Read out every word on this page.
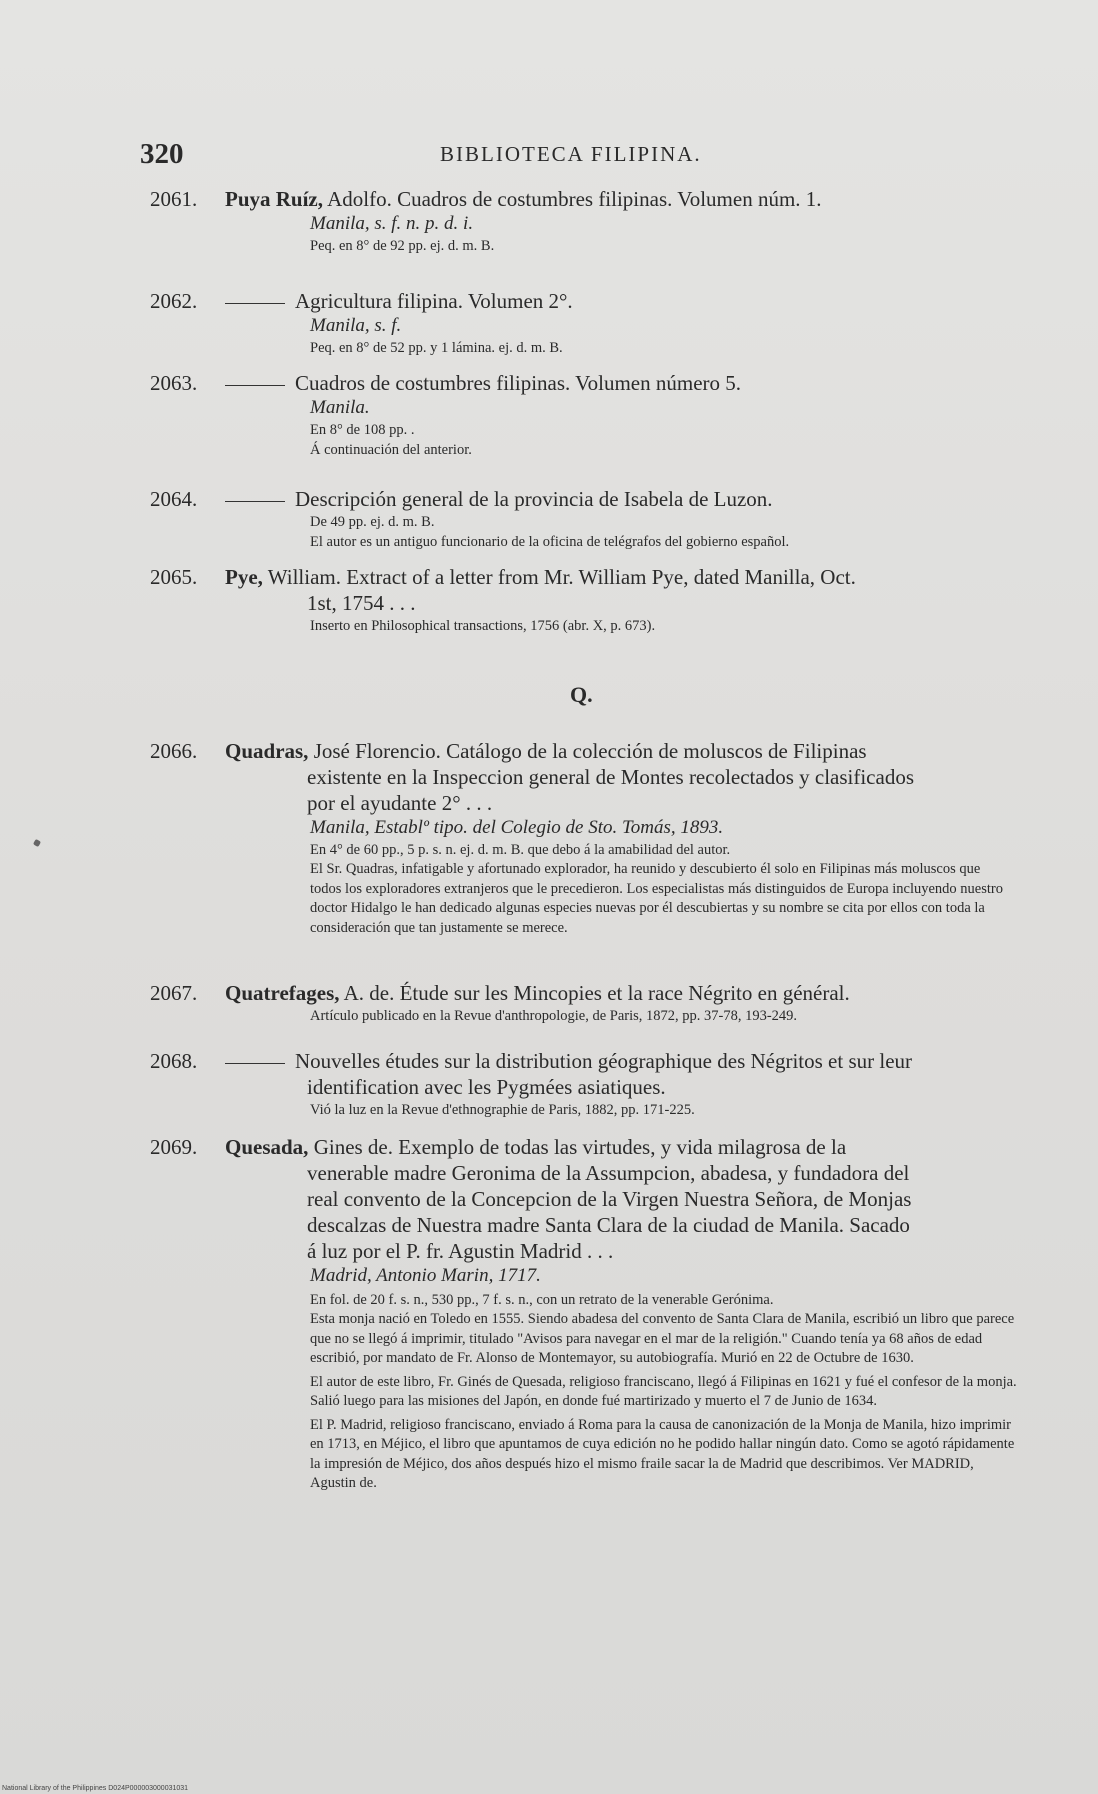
320	BIBLIOTECA FILIPINA.
2061. Puya Ruíz, Adolfo. Cuadros de costumbres filipinas. Volumen núm. 1.
Manila, s. f. n. p. d. i.
Peq. en 8° de 92 pp. ej. d. m. B.
2062.	Agricultura filipina. Volumen 2°.
Manila, s. f.
Peq. en 8° de 52 pp. y 1 lámina. ej. d. m. B.
2063.	Cuadros de costumbres filipinas. Volumen número 5.
Manila.
En 8° de 108 pp. .
Á continuación del anterior.
2064.	Descripción general de la provincia de Isabela de Luzon.
De 49 pp. ej. d. m. B.
El autor es un antiguo funcionario de la oficina de telégrafos del gobierno español.
2065. Pye, William. Extract of a letter from Mr. William Pye, dated Manilla, Oct.
1st, 1754 . . .
Inserto en Philosophical transactions, 1756 (abr. X, p. 673).
Q.
2066. Quadras, José Florencio. Catálogo de la colección de moluscos de Filipinas
existente en la Inspeccion general de Montes recolectados y clasificados
por el ayudante 2° . . .
Manila, Establº tipo. del Colegio de Sto. Tomás, 1893.
En 4° de 60 pp., 5 p. s. n. ej. d. m. B. que debo á la amabilidad del autor.

El Sr. Quadras, infatigable y afortunado explorador, ha reunido y descubierto él solo en Filipinas más moluscos que todos los exploradores extranjeros que le precedieron. Los especialistas más distinguidos de Europa incluyendo nuestro doctor Hidalgo le han dedicado algunas especies nuevas por él descubiertas y su nombre se cita por ellos con toda la consideración que tan justamente se merece.

2067. Quatrefages, A. de. Étude sur les Mincopies et la race Négrito en général.
Artículo publicado en la Revue d'anthropologie, de Paris, 1872, pp. 37-78, 193-249.
2068.	Nouvelles études sur la distribution géographique des Négritos et sur leur
identification avec les Pygmées asiatiques.
Vió la luz en la Revue d'ethnographie de Paris, 1882, pp. 171-225.
2069. Quesada, Gines de. Exemplo de todas las virtudes, y vida milagrosa de la
venerable madre Geronima de la Assumpcion, abadesa, y fundadora del
real convento de la Concepcion de la Virgen Nuestra Señora, de Monjas
descalzas de Nuestra madre Santa Clara de la ciudad de Manila. Sacado
á luz por el P. fr. Agustin Madrid . . .
Madrid, Antonio Marin, 1717.
En fol. de 20 f. s. n., 530 pp., 7 f. s. n., con un retrato de la venerable Gerónima.

Esta monja nació en Toledo en 1555. Siendo abadesa del convento de Santa Clara de Manila, escribió un libro que parece que no se llegó á imprimir, titulado "Avisos para navegar en el mar de la religión." Cuando tenía ya 68 años de edad escribió, por mandato de Fr. Alonso de Montemayor, su autobiografía. Murió en 22 de Octubre de 1630.

El autor de este libro, Fr. Ginés de Quesada, religioso franciscano, llegó á Filipinas en 1621 y fué el confesor de la monja. Salió luego para las misiones del Japón, en donde fué martirizado y muerto el 7 de Junio de 1634.

El P. Madrid, religioso franciscano, enviado á Roma para la causa de canonización de la Monja de Manila, hizo imprimir en 1713, en Méjico, el libro que apuntamos de cuya edición no he podido hallar ningún dato. Como se agotó rápidamente la impresión de Méjico, dos años después hizo el mismo fraile sacar la de Madrid que describimos. Ver MADRID, Agustin de.

National Library of the Philippines D024P000003000031031
